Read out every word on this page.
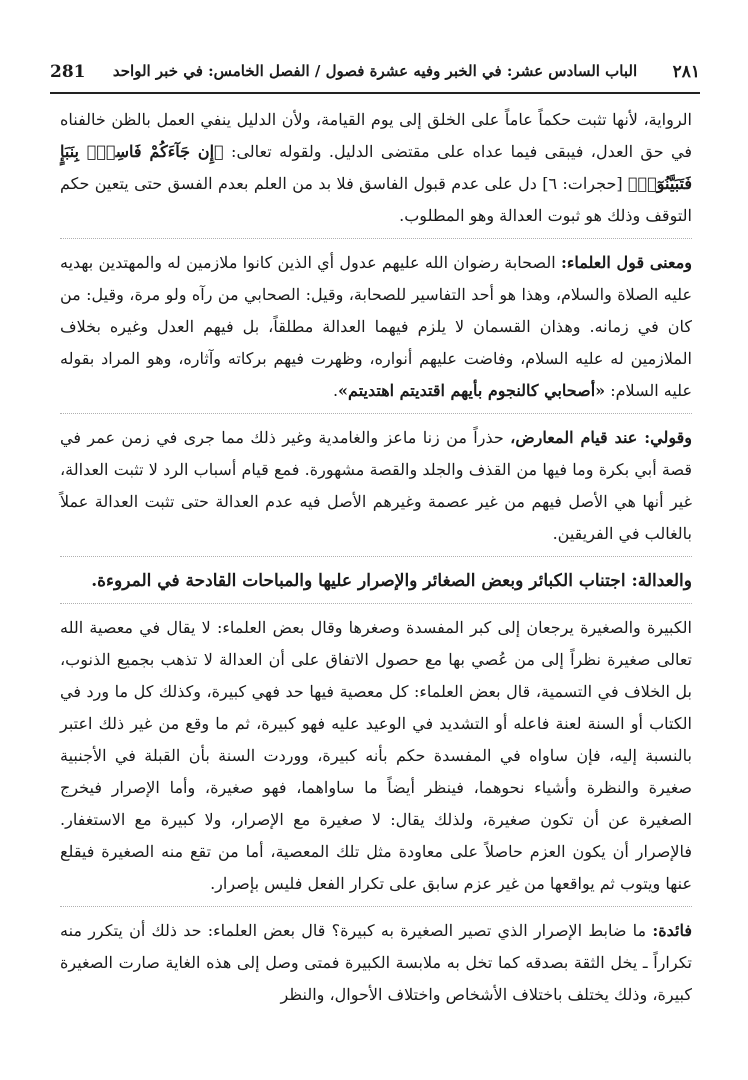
٢٨١
الباب السادس عشر: في الخبر وفيه عشرة فصول / الفصل الخامس: في خبر الواحد
281

الرواية، لأنها تثبت حكماً عاماً على الخلق إلى يوم القيامة، ولأن الدليل ينفي العمل بالظن خالفناه في حق العدل، فيبقى فيما عداه على مقتضى الدليل. ولقوله تعالى: ﴿إِن جَآءَكُمْ فَاسِقُۢ بِنَبَإٍ فَتَبَيَّنُوٓا۟﴾ [حجرات: ٦] دل على عدم قبول الفاسق فلا بد من العلم بعدم الفسق حتى يتعين حكم التوقف وذلك هو ثبوت العدالة وهو المطلوب.

ومعنى قول العلماء: الصحابة رضوان الله عليهم عدول أي الذين كانوا ملازمين له والمهتدين بهديه عليه الصلاة والسلام، وهذا هو أحد التفاسير للصحابة، وقيل: الصحابي من رآه ولو مرة، وقيل: من كان في زمانه. وهذان القسمان لا يلزم فيهما العدالة مطلقاً، بل فيهم العدل وغيره بخلاف الملازمين له عليه السلام، وفاضت عليهم أنواره، وظهرت فيهم بركاته وآثاره، وهو المراد بقوله عليه السلام: «أصحابي كالنجوم بأيهم اقتديتم اهتديتم».

وقولي: عند قيام المعارض، حذراً من زنا ماعز والغامدية وغير ذلك مما جرى في زمن عمر في قصة أبي بكرة وما فيها من القذف والجلد والقصة مشهورة. فمع قيام أسباب الرد لا تثبت العدالة، غير أنها هي الأصل فيهم من غير عصمة وغيرهم الأصل فيه عدم العدالة حتى تثبت العدالة عملاً بالغالب في الفريقين.

والعدالة: اجتناب الكبائر وبعض الصغائر والإصرار عليها والمباحات القادحة في المروءة.

الكبيرة والصغيرة يرجعان إلى كبر المفسدة وصغرها وقال بعض العلماء: لا يقال في معصية الله تعالى صغيرة نظراً إلى من عُصي بها مع حصول الاتفاق على أن العدالة لا تذهب بجميع الذنوب، بل الخلاف في التسمية، قال بعض العلماء: كل معصية فيها حد فهي كبيرة، وكذلك كل ما ورد في الكتاب أو السنة لعنة فاعله أو التشديد في الوعيد عليه فهو كبيرة، ثم ما وقع من غير ذلك اعتبر بالنسبة إليه، فإن ساواه في المفسدة حكم بأنه كبيرة، ووردت السنة بأن القبلة في الأجنبية صغيرة والنظرة وأشياء نحوهما، فينظر أيضاً ما ساواهما، فهو صغيرة، وأما الإصرار فيخرج الصغيرة عن أن تكون صغيرة، ولذلك يقال: لا صغيرة مع الإصرار، ولا كبيرة مع الاستغفار. فالإصرار أن يكون العزم حاصلاً على معاودة مثل تلك المعصية، أما من تقع منه الصغيرة فيقلع عنها ويتوب ثم يواقعها من غير عزم سابق على تكرار الفعل فليس بإصرار.

فائدة: ما ضابط الإصرار الذي تصير الصغيرة به كبيرة؟ قال بعض العلماء: حد ذلك أن يتكرر منه تكراراً ـ يخل الثقة بصدقه كما تخل به ملابسة الكبيرة فمتى وصل إلى هذه الغاية صارت الصغيرة كبيرة، وذلك يختلف باختلاف الأشخاص واختلاف الأحوال، والنظر
